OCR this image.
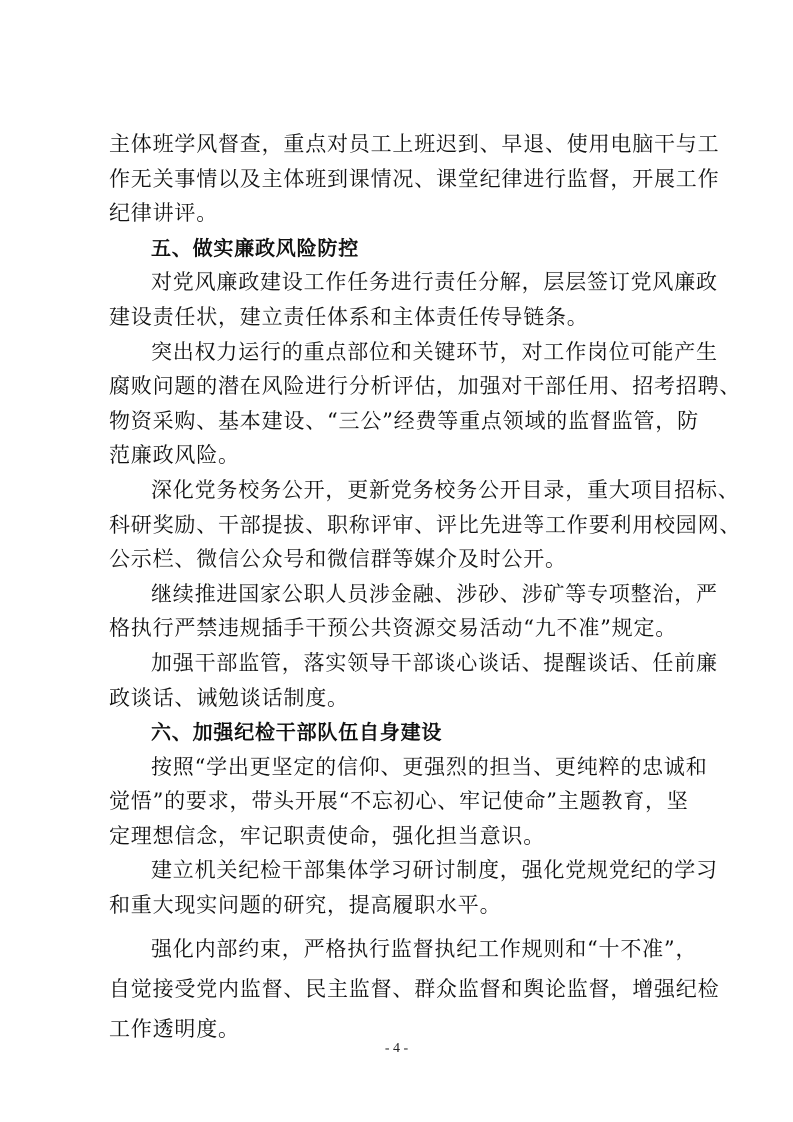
主体班学风督查，重点对员工上班迟到、早退、使用电脑干与工
作无关事情以及主体班到课情况、课堂纪律进行监督，开展工作
纪律讲评。
五、做实廉政风险防控
对党风廉政建设工作任务进行责任分解，层层签订党风廉政
建设责任状，建立责任体系和主体责任传导链条。
突出权力运行的重点部位和关键环节，对工作岗位可能产生
腐败问题的潜在风险进行分析评估，加强对干部任用、招考招聘、
物资采购、基本建设、“三公”经费等重点领域的监督监管，防
范廉政风险。
深化党务校务公开，更新党务校务公开目录，重大项目招标、
科研奖励、干部提拔、职称评审、评比先进等工作要利用校园网、
公示栏、微信公众号和微信群等媒介及时公开。
继续推进国家公职人员涉金融、涉砂、涉矿等专项整治，严
格执行严禁违规插手干预公共资源交易活动“九不准”规定。
加强干部监管，落实领导干部谈心谈话、提醒谈话、任前廉
政谈话、诫勉谈话制度。
六、加强纪检干部队伍自身建设
按照“学出更坚定的信仰、更强烈的担当、更纯粹的忠诚和
觉悟”的要求，带头开展“不忘初心、牢记使命”主题教育，坚
定理想信念，牢记职责使命，强化担当意识。
建立机关纪检干部集体学习研讨制度，强化党规党纪的学习
和重大现实问题的研究，提高履职水平。
强化内部约束，严格执行监督执纪工作规则和“十不准”，
自觉接受党内监督、民主监督、群众监督和舆论监督，增强纪检
工作透明度。
- 4 -
